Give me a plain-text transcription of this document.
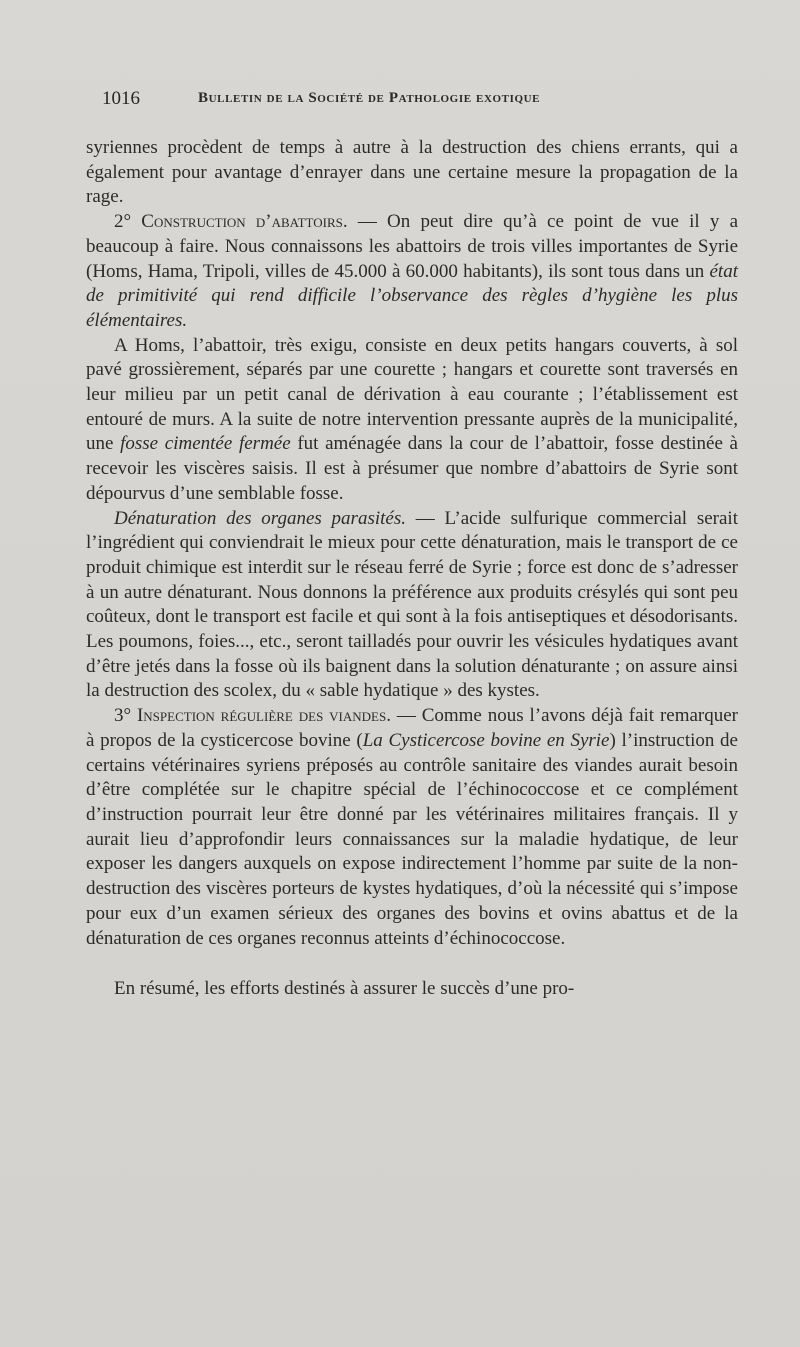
1016	Bulletin de la Société de Pathologie exotique

syriennes procèdent de temps à autre à la destruction des chiens errants, qui a également pour avantage d’enrayer dans une certaine mesure la propagation de la rage.

2° Construction d’abattoirs. — On peut dire qu’à ce point de vue il y a beaucoup à faire. Nous connaissons les abattoirs de trois villes importantes de Syrie (Homs, Hama, Tripoli, villes de 45.000 à 60.000 habitants), ils sont tous dans un état de primitivité qui rend difficile l’observance des règles d’hygiène les plus élémentaires.

A Homs, l’abattoir, très exigu, consiste en deux petits hangars couverts, à sol pavé grossièrement, séparés par une courette ; hangars et courette sont traversés en leur milieu par un petit canal de dérivation à eau courante ; l’établissement est entouré de murs. A la suite de notre intervention pressante auprès de la municipalité, une fosse cimentée fermée fut aménagée dans la cour de l’abattoir, fosse destinée à recevoir les viscères saisis. Il est à présumer que nombre d’abattoirs de Syrie sont dépourvus d’une semblable fosse.

Dénaturation des organes parasités. — L’acide sulfurique commercial serait l’ingrédient qui conviendrait le mieux pour cette dénaturation, mais le transport de ce produit chimique est interdit sur le réseau ferré de Syrie ; force est donc de s’adresser à un autre dénaturant. Nous donnons la préférence aux produits crésylés qui sont peu coûteux, dont le transport est facile et qui sont à la fois antiseptiques et désodorisants. Les poumons, foies..., etc., seront tailladés pour ouvrir les vésicules hydatiques avant d’être jetés dans la fosse où ils baignent dans la solution dénaturante ; on assure ainsi la destruction des scolex, du « sable hydatique » des kystes.

3° Inspection régulière des viandes. — Comme nous l’avons déjà fait remarquer à propos de la cysticercose bovine (La Cysticercose bovine en Syrie) l’instruction de certains vétérinaires syriens préposés au contrôle sanitaire des viandes aurait besoin d’être complétée sur le chapitre spécial de l’échinococcose et ce complément d’instruction pourrait leur être donné par les vétérinaires militaires français. Il y aurait lieu d’approfondir leurs connaissances sur la maladie hydatique, de leur exposer les dangers auxquels on expose indirectement l’homme par suite de la non-destruction des viscères porteurs de kystes hydatiques, d’où la nécessité qui s’impose pour eux d’un examen sérieux des organes des bovins et ovins abattus et de la dénaturation de ces organes reconnus atteints d’échinococcose.

En résumé, les efforts destinés à assurer le succès d’une pro-
